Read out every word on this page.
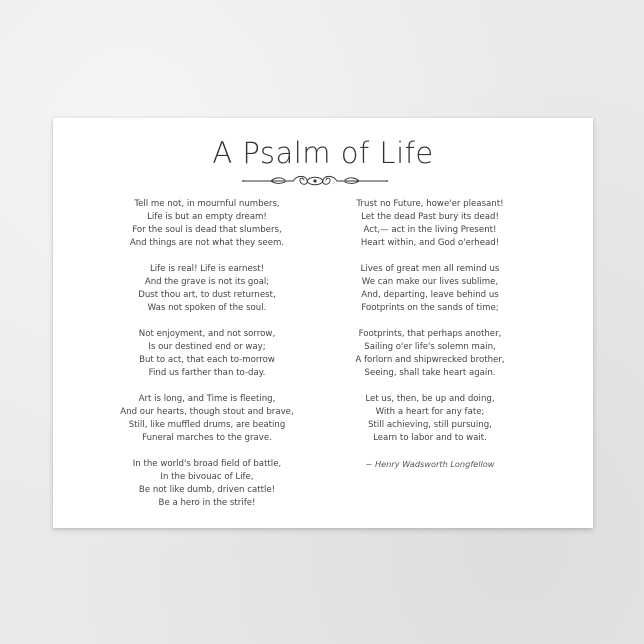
A Psalm of Life
Tell me not, in mournful numbers,
Life is but an empty dream!
For the soul is dead that slumbers,
And things are not what they seem.
Life is real! Life is earnest!
And the grave is not its goal;
Dust thou art, to dust returnest,
Was not spoken of the soul.
Not enjoyment, and not sorrow,
Is our destined end or way;
But to act, that each to-morrow
Find us farther than to-day.
Art is long, and Time is fleeting,
And our hearts, though stout and brave,
Still, like muffled drums, are beating
Funeral marches to the grave.
In the world's broad field of battle,
In the bivouac of Life,
Be not like dumb, driven cattle!
Be a hero in the strife!
Trust no Future, howe'er pleasant!
Let the dead Past bury its dead!
Act,— act in the living Present!
Heart within, and God o'erhead!
Lives of great men all remind us
We can make our lives sublime,
And, departing, leave behind us
Footprints on the sands of time;
Footprints, that perhaps another,
Sailing o'er life's solemn main,
A forlorn and shipwrecked brother,
Seeing, shall take heart again.
Let us, then, be up and doing,
With a heart for any fate;
Still achieving, still pursuing,
Learn to labor and to wait.
~ Henry Wadsworth Longfellow
